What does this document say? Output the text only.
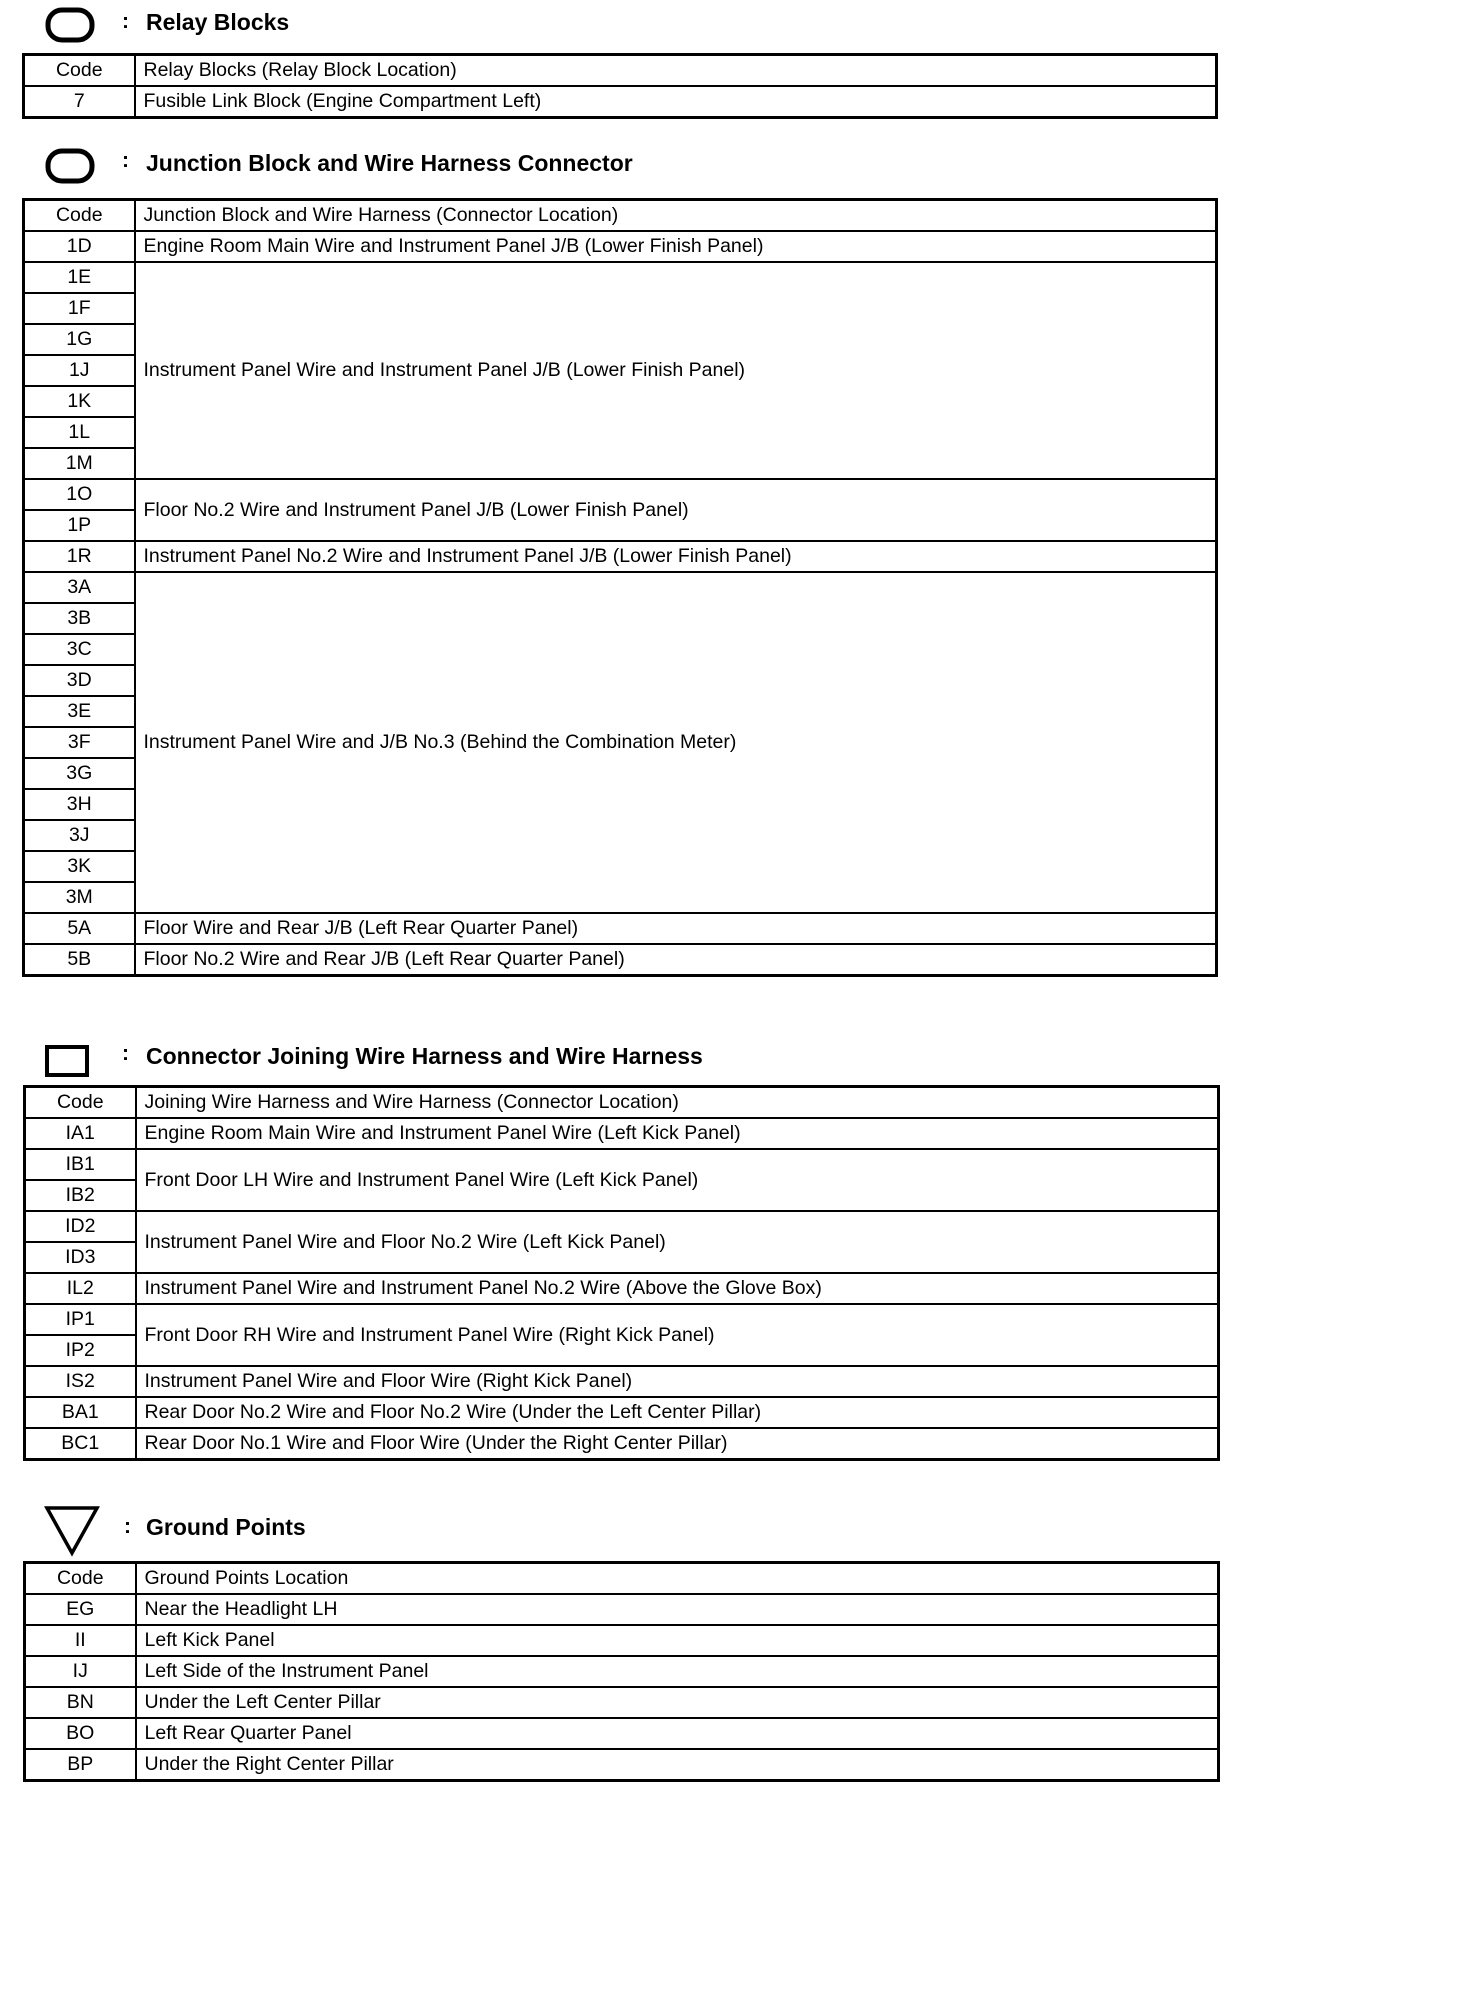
: Relay Blocks
Code	Relay Blocks (Relay Block Location)
7	Fusible Link Block (Engine Compartment Left)
: Junction Block and Wire Harness Connector
Code	Junction Block and Wire Harness (Connector Location)
1D	Engine Room Main Wire and Instrument Panel J/B (Lower Finish Panel)
1E	Instrument Panel Wire and Instrument Panel J/B (Lower Finish Panel)
1F	
1G	
1J	
1K	
1L	
1M	
1O	Floor No.2 Wire and Instrument Panel J/B (Lower Finish Panel)
1P	
1R	Instrument Panel No.2 Wire and Instrument Panel J/B (Lower Finish Panel)
3A	Instrument Panel Wire and J/B No.3 (Behind the Combination Meter)
3B	
3C	
3D	
3E	
3F	
3G	
3H	
3J	
3K	
3M	
5A	Floor Wire and Rear J/B (Left Rear Quarter Panel)
5B	Floor No.2 Wire and Rear J/B (Left Rear Quarter Panel)
: Connector Joining Wire Harness and Wire Harness
Code	Joining Wire Harness and Wire Harness (Connector Location)
IA1	Engine Room Main Wire and Instrument Panel Wire (Left Kick Panel)
IB1	Front Door LH Wire and Instrument Panel Wire (Left Kick Panel)
IB2	
ID2	Instrument Panel Wire and Floor No.2 Wire (Left Kick Panel)
ID3	
IL2	Instrument Panel Wire and Instrument Panel No.2 Wire (Above the Glove Box)
IP1	Front Door RH Wire and Instrument Panel Wire (Right Kick Panel)
IP2	
IS2	Instrument Panel Wire and Floor Wire (Right Kick Panel)
BA1	Rear Door No.2 Wire and Floor No.2 Wire (Under the Left Center Pillar)
BC1	Rear Door No.1 Wire and Floor Wire (Under the Right Center Pillar)
: Ground Points
Code	Ground Points Location
EG	Near the Headlight LH
II	Left Kick Panel
IJ	Left Side of the Instrument Panel
BN	Under the Left Center Pillar
BO	Left Rear Quarter Panel
BP	Under the Right Center Pillar
